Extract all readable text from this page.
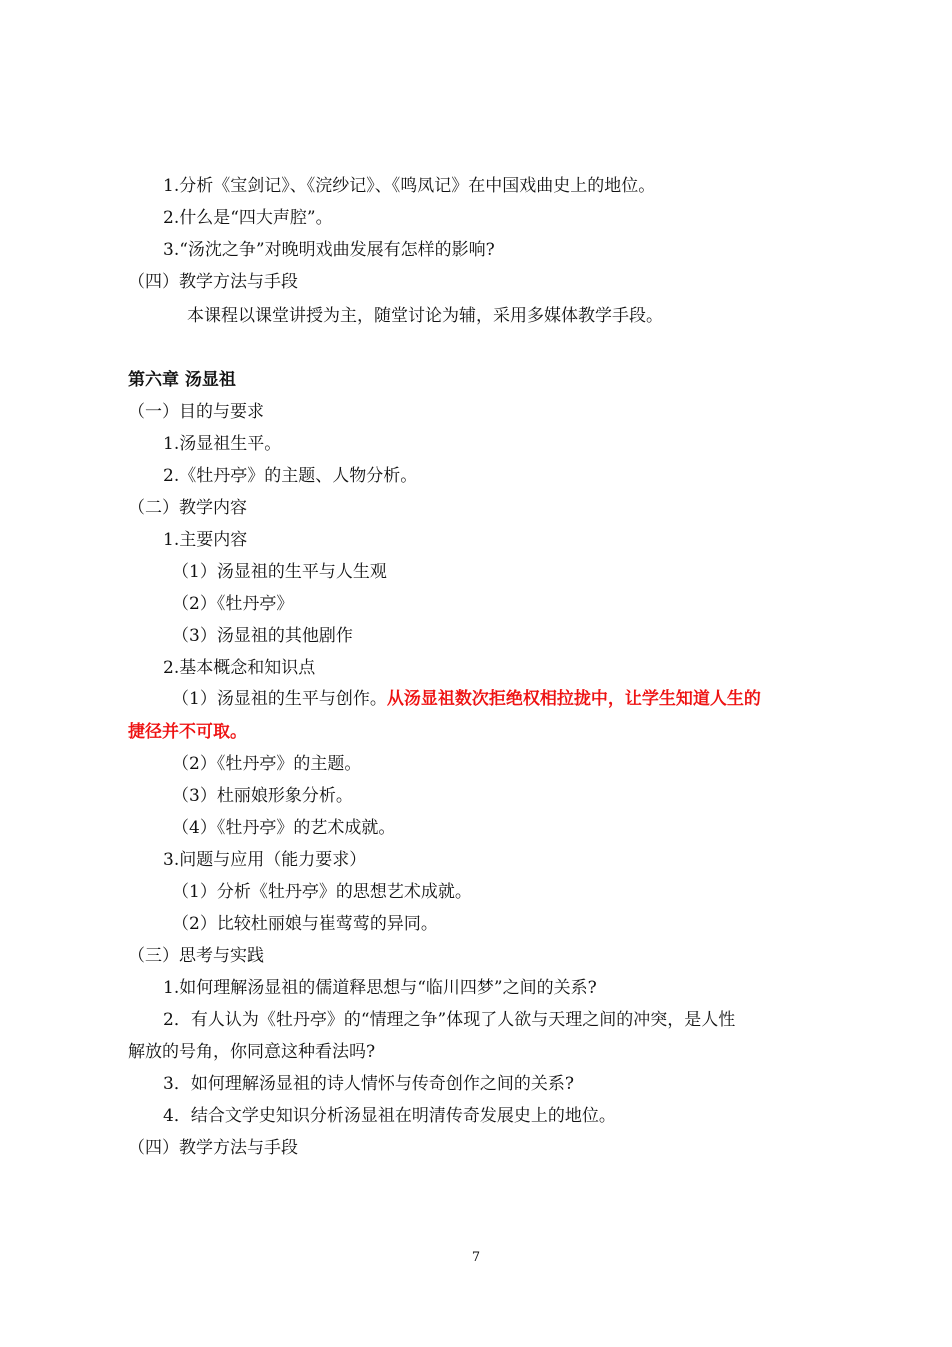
1.分析《宝剑记》、《浣纱记》、《鸣凤记》在中国戏曲史上的地位。
2.什么是“四大声腔”。
3.“汤沈之争”对晚明戏曲发展有怎样的影响?
（四）教学方法与手段
本课程以课堂讲授为主，随堂讨论为辅，采用多媒体教学手段。
第六章 汤显祖
（一）目的与要求
1.汤显祖生平。
2.《牡丹亭》的主题、人物分析。
（二）教学内容
1.主要内容
（1）汤显祖的生平与人生观
（2）《牡丹亭》
（3）汤显祖的其他剧作
2.基本概念和知识点
（1）汤显祖的生平与创作。从汤显祖数次拒绝权相拉拢中，让学生知道人生的
捷径并不可取。
（2）《牡丹亭》的主题。
（3）杜丽娘形象分析。
（4）《牡丹亭》的艺术成就。
3.问题与应用（能力要求）
（1）分析《牡丹亭》的思想艺术成就。
（2）比较杜丽娘与崔莺莺的异同。
（三）思考与实践
1.如何理解汤显祖的儒道释思想与“临川四梦”之间的关系?
2．有人认为《牡丹亭》的“情理之争”体现了人欲与天理之间的冲突，是人性
解放的号角，你同意这种看法吗?
3．如何理解汤显祖的诗人情怀与传奇创作之间的关系?
4．结合文学史知识分析汤显祖在明清传奇发展史上的地位。
（四）教学方法与手段
7
